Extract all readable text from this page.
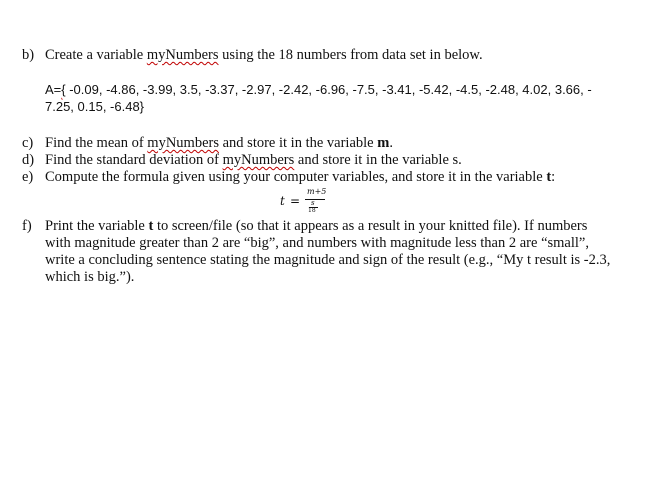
b) Create a variable myNumbers using the 18 numbers from data set in below.
A={ -0.09, -4.86, -3.99, 3.5, -3.37, -2.97, -2.42, -6.96, -7.5, -3.41, -5.42, -4.5, -2.48, 4.02, 3.66, -
7.25, 0.15, -6.48}
c) Find the mean of myNumbers and store it in the variable m.
d) Find the standard deviation of myNumbers and store it in the variable s.
e) Compute the formula given using your computer variables, and store it in the variable t:
t =
m+5
s
18
f) Print the variable t to screen/file (so that it appears as a result in your knitted file). If numbers
with magnitude greater than 2 are “big”, and numbers with magnitude less than 2 are “small”,
write a concluding sentence stating the magnitude and sign of the result (e.g., “My t result is -2.3,
which is big.”).
